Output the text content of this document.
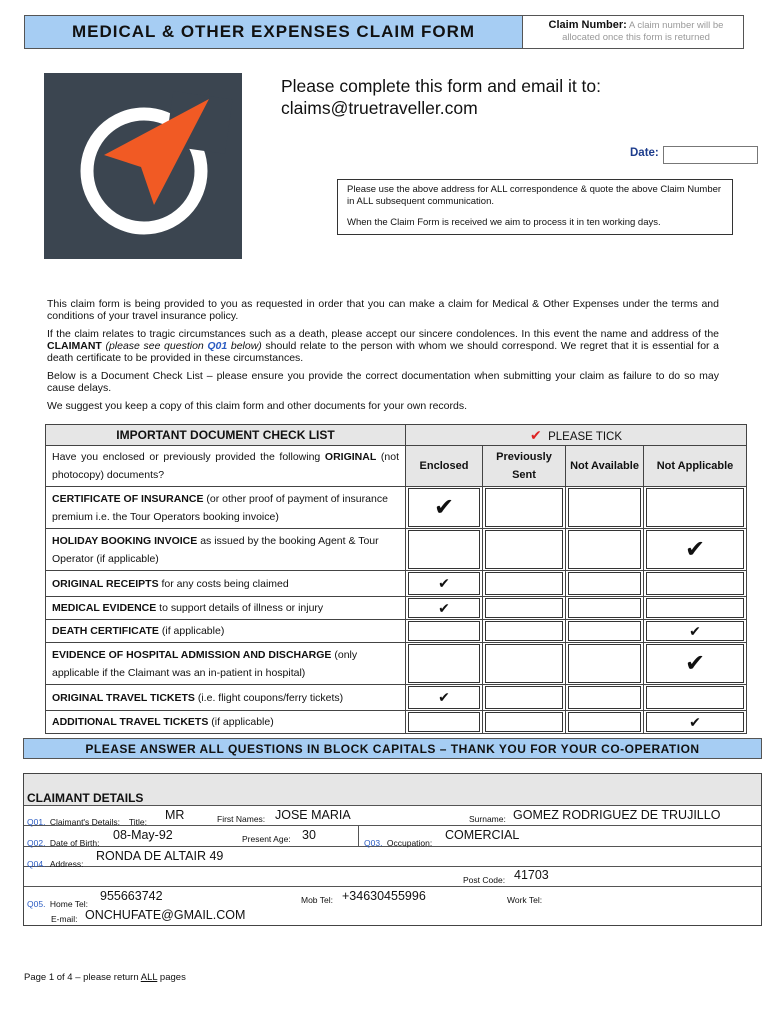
MEDICAL & OTHER EXPENSES CLAIM FORM	Claim Number: A claim number will be allocated once this form is returned
Please complete this form and email it to:
claims@truetraveller.com
Date:

Please use the above address for ALL correspondence & quote the above Claim Number in ALL subsequent communication.

When the Claim Form is received we aim to process it in ten working days.

This claim form is being provided to you as requested in order that you can make a claim for Medical & Other Expenses under the terms and conditions of your travel insurance policy.

If the claim relates to tragic circumstances such as a death, please accept our sincere condolences. In this event the name and address of the CLAIMANT (please see question Q01 below) should relate to the person with whom we should correspond. We regret that it is essential for a death certificate to be provided in these circumstances.

Below is a Document Check List – please ensure you provide the correct documentation when submitting your claim as failure to do so may cause delays.

We suggest you keep a copy of this claim form and other documents for your own records.

IMPORTANT DOCUMENT CHECK LIST	✔ PLEASE TICK			
Have you enclosed or previously provided the following ORIGINAL (not photocopy) documents?	Enclosed	Previously Sent	Not Available	Not Applicable
CERTIFICATE OF INSURANCE (or other proof of payment of insurance premium i.e. the Tour Operators booking invoice)	✔			

HOLIDAY BOOKING INVOICE as issued by the booking Agent & Tour Operator (if applicable)				✔

ORIGINAL RECEIPTS for any costs being claimed	✔			

MEDICAL EVIDENCE to support details of illness or injury	✔			

DEATH CERTIFICATE (if applicable)				✔

EVIDENCE OF HOSPITAL ADMISSION AND DISCHARGE (only applicable if the Claimant was an in-patient in hospital)				✔

ORIGINAL TRAVEL TICKETS (i.e. flight coupons/ferry tickets)	✔			

ADDITIONAL TRAVEL TICKETS (if applicable)				✔
PLEASE ANSWER ALL QUESTIONS IN BLOCK CAPITALS – THANK YOU FOR YOUR CO-OPERATION
CLAIMANT DETAILS
Q01. Claimant's Details: Title: MR	First Names: JOSE MARIA	Surname: GOMEZ RODRIGUEZ DE TRUJILLO
Q02. Date of Birth:
08-May-92	Present Age: 30
Q03. Occupation:
COMERCIAL
Q04. Address:
RONDA DE ALTAIR 49
Post Code: 41703
Q05. Home Tel:
955663742	Mob Tel: +34630455996	Work Tel:
E-mail: ONCHUFATE@GMAIL.COM
Page 1 of 4 – please return ALL pages
